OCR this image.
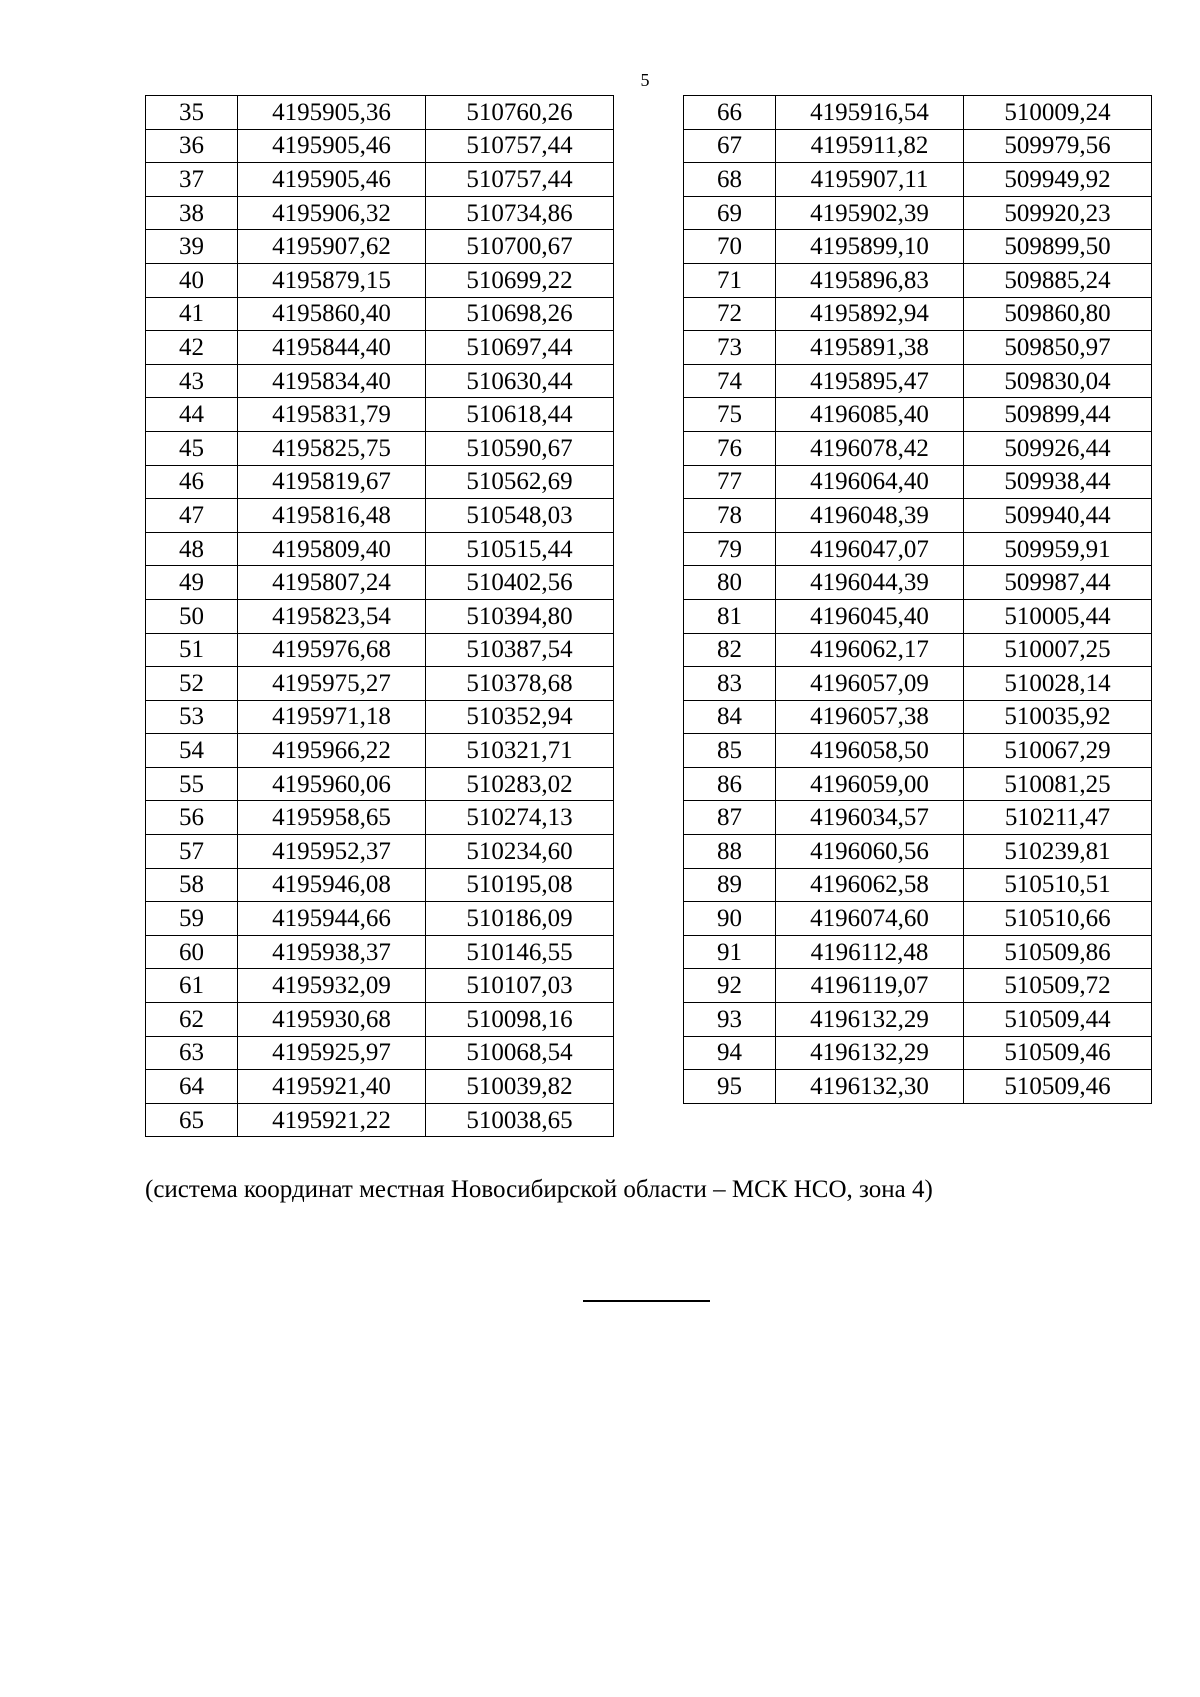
5
35	4195905,36	510760,26
36	4195905,46	510757,44
37	4195905,46	510757,44
38	4195906,32	510734,86
39	4195907,62	510700,67
40	4195879,15	510699,22
41	4195860,40	510698,26
42	4195844,40	510697,44
43	4195834,40	510630,44
44	4195831,79	510618,44
45	4195825,75	510590,67
46	4195819,67	510562,69
47	4195816,48	510548,03
48	4195809,40	510515,44
49	4195807,24	510402,56
50	4195823,54	510394,80
51	4195976,68	510387,54
52	4195975,27	510378,68
53	4195971,18	510352,94
54	4195966,22	510321,71
55	4195960,06	510283,02
56	4195958,65	510274,13
57	4195952,37	510234,60
58	4195946,08	510195,08
59	4195944,66	510186,09
60	4195938,37	510146,55
61	4195932,09	510107,03
62	4195930,68	510098,16
63	4195925,97	510068,54
64	4195921,40	510039,82
65	4195921,22	510038,65
66	4195916,54	510009,24
67	4195911,82	509979,56
68	4195907,11	509949,92
69	4195902,39	509920,23
70	4195899,10	509899,50
71	4195896,83	509885,24
72	4195892,94	509860,80
73	4195891,38	509850,97
74	4195895,47	509830,04
75	4196085,40	509899,44
76	4196078,42	509926,44
77	4196064,40	509938,44
78	4196048,39	509940,44
79	4196047,07	509959,91
80	4196044,39	509987,44
81	4196045,40	510005,44
82	4196062,17	510007,25
83	4196057,09	510028,14
84	4196057,38	510035,92
85	4196058,50	510067,29
86	4196059,00	510081,25
87	4196034,57	510211,47
88	4196060,56	510239,81
89	4196062,58	510510,51
90	4196074,60	510510,66
91	4196112,48	510509,86
92	4196119,07	510509,72
93	4196132,29	510509,44
94	4196132,29	510509,46
95	4196132,30	510509,46
(система координат местная Новосибирской области – МСК НСО, зона 4)
